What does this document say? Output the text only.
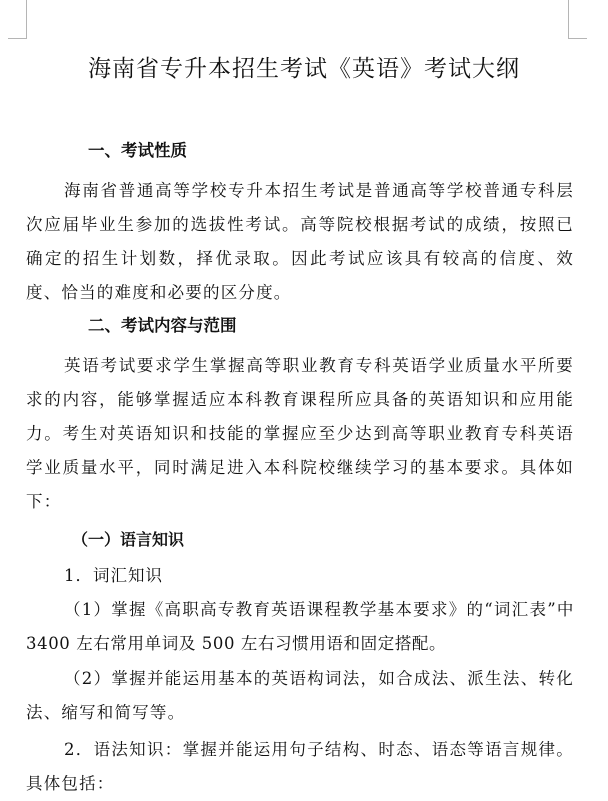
海南省专升本招生考试《英语》考试大纲
一、考试性质

海南省普通高等学校专升本招生考试是普通高等学校普通专科层次应届毕业生参加的选拔性考试。高等院校根据考试的成绩，按照已确定的招生计划数，择优录取。因此考试应该具有较高的信度、效度、恰当的难度和必要的区分度。

二、考试内容与范围

英语考试要求学生掌握高等职业教育专科英语学业质量水平所要求的内容，能够掌握适应本科教育课程所应具备的英语知识和应用能力。考生对英语知识和技能的掌握应至少达到高等职业教育专科英语学业质量水平，同时满足进入本科院校继续学习的基本要求。具体如下：

（一）语言知识
1．词汇知识

（1）掌握《高职高专教育英语课程教学基本要求》的“词汇表”中 3400 左右常用单词及 500 左右习惯用语和固定搭配。

（2）掌握并能运用基本的英语构词法，如合成法、派生法、转化法、缩写和简写等。

2．语法知识：掌握并能运用句子结构、时态、语态等语言规律。具体包括：
